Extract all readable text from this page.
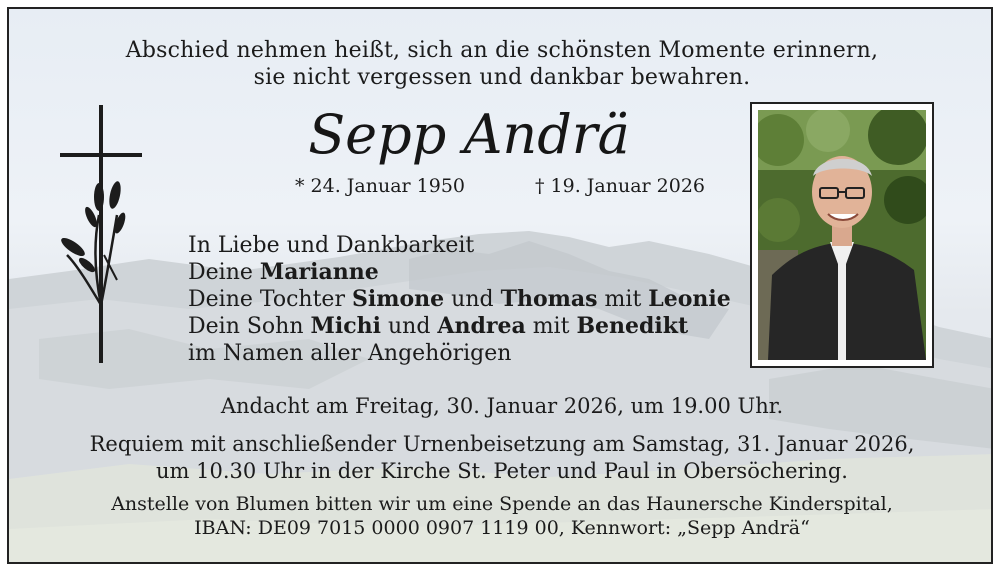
Abschied nehmen heißt, sich an die schönsten Momente erinnern,
sie nicht vergessen und dankbar bewahren.
Sepp Andrä
* 24. Januar 1950	† 19. Januar 2026
In Liebe und Dankbarkeit
Deine Marianne
Deine Tochter Simone und Thomas mit Leonie
Dein Sohn Michi und Andrea mit Benedikt
im Namen aller Angehörigen
Andacht am Freitag, 30. Januar 2026, um 19.00 Uhr.
Requiem mit anschließender Urnenbeisetzung am Samstag, 31. Januar 2026,
um 10.30 Uhr in der Kirche St. Peter und Paul in Obersöchering.
Anstelle von Blumen bitten wir um eine Spende an das Haunersche Kinderspital,
IBAN: DE09 7015 0000 0907 1119 00, Kennwort: „Sepp Andrä“
